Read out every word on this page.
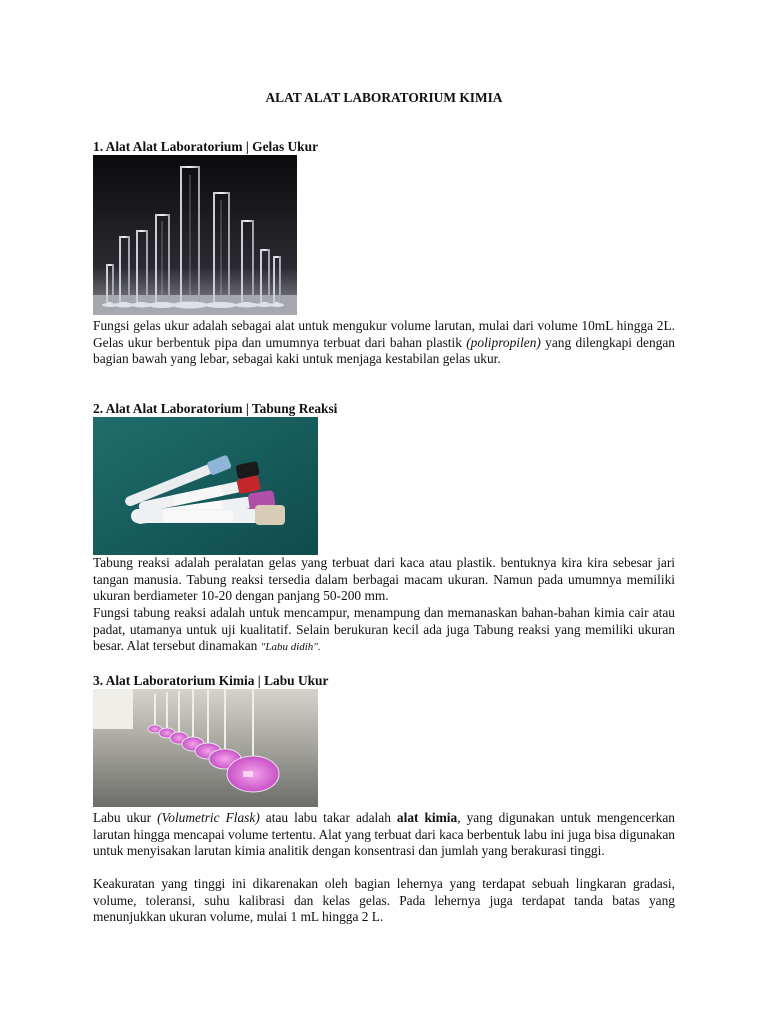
ALAT ALAT LABORATORIUM KIMIA
1. Alat Alat Laboratorium | Gelas Ukur
Fungsi gelas ukur adalah sebagai alat untuk mengukur volume larutan, mulai dari volume 10mL hingga 2L. Gelas ukur berbentuk pipa dan umumnya terbuat dari bahan plastik (polipropilen) yang dilengkapi dengan bagian bawah yang lebar, sebagai kaki untuk menjaga kestabilan gelas ukur.
2. Alat Alat Laboratorium | Tabung Reaksi
Tabung reaksi adalah peralatan gelas yang terbuat dari kaca atau plastik. bentuknya kira kira sebesar jari tangan manusia. Tabung reaksi tersedia dalam berbagai macam ukuran. Namun pada umumnya memiliki ukuran berdiameter 10-20 dengan panjang 50-200 mm.
Fungsi tabung reaksi adalah untuk mencampur, menampung dan memanaskan bahan-bahan kimia cair atau padat, utamanya untuk uji kualitatif. Selain berukuran kecil ada juga Tabung reaksi yang memiliki ukuran besar. Alat tersebut dinamakan "Labu didih".
3. Alat Laboratorium Kimia | Labu Ukur
Labu ukur (Volumetric Flask) atau labu takar adalah alat kimia, yang digunakan untuk mengencerkan larutan hingga mencapai volume tertentu. Alat yang terbuat dari kaca berbentuk labu ini juga bisa digunakan untuk menyisakan larutan kimia analitik dengan konsentrasi dan jumlah yang berakurasi tinggi.
Keakuratan yang tinggi ini dikarenakan oleh bagian lehernya yang terdapat sebuah lingkaran gradasi, volume, toleransi, suhu kalibrasi dan kelas gelas. Pada lehernya juga terdapat tanda batas yang menunjukkan ukuran volume, mulai 1 mL hingga 2 L.
